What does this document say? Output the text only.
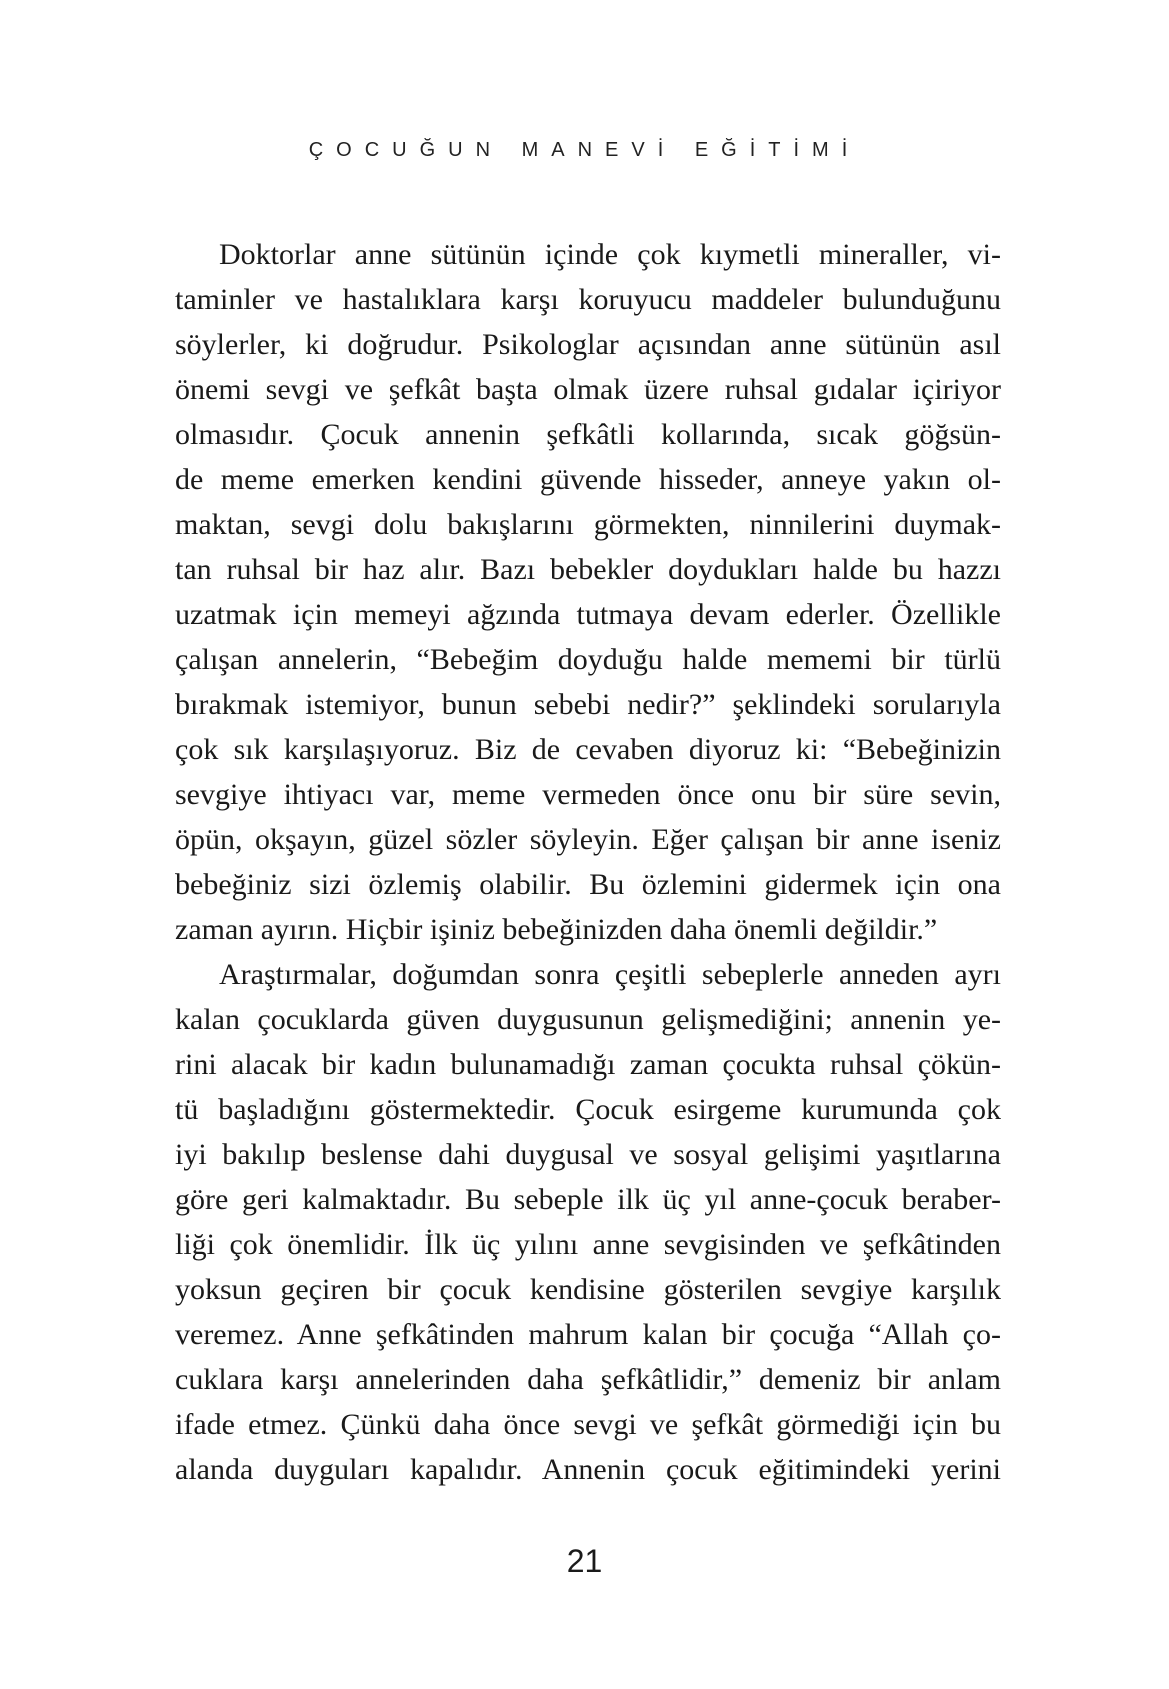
ÇOCUĞUN MANEVİ EĞİTİMİ
Doktorlar anne sütünün içinde çok kıymetli mineraller, vi-
taminler ve hastalıklara karşı koruyucu maddeler bulunduğunu
söylerler, ki doğrudur. Psikologlar açısından anne sütünün asıl
önemi sevgi ve şefkât başta olmak üzere ruhsal gıdalar içiriyor
olmasıdır. Çocuk annenin şefkâtli kollarında, sıcak göğsün-
de meme emerken kendini güvende hisseder, anneye yakın ol-
maktan, sevgi dolu bakışlarını görmekten, ninnilerini duymak-
tan ruhsal bir haz alır. Bazı bebekler doydukları halde bu hazzı
uzatmak için memeyi ağzında tutmaya devam ederler. Özellikle
çalışan annelerin, “Bebeğim doyduğu halde mememi bir türlü
bırakmak istemiyor, bunun sebebi nedir?” şeklindeki sorularıyla
çok sık karşılaşıyoruz. Biz de cevaben diyoruz ki: “Bebeğinizin
sevgiye ihtiyacı var, meme vermeden önce onu bir süre sevin,
öpün, okşayın, güzel sözler söyleyin. Eğer çalışan bir anne iseniz
bebeğiniz sizi özlemiş olabilir. Bu özlemini gidermek için ona
zaman ayırın. Hiçbir işiniz bebeğinizden daha önemli değildir.”
Araştırmalar, doğumdan sonra çeşitli sebeplerle anneden ayrı
kalan çocuklarda güven duygusunun gelişmediğini; annenin ye-
rini alacak bir kadın bulunamadığı zaman çocukta ruhsal çökün-
tü başladığını göstermektedir. Çocuk esirgeme kurumunda çok
iyi bakılıp beslense dahi duygusal ve sosyal gelişimi yaşıtlarına
göre geri kalmaktadır. Bu sebeple ilk üç yıl anne-çocuk beraber-
liği çok önemlidir. İlk üç yılını anne sevgisinden ve şefkâtinden
yoksun geçiren bir çocuk kendisine gösterilen sevgiye karşılık
veremez. Anne şefkâtinden mahrum kalan bir çocuğa “Allah ço-
cuklara karşı annelerinden daha şefkâtlidir,” demeniz bir anlam
ifade etmez. Çünkü daha önce sevgi ve şefkât görmediği için bu
alanda duyguları kapalıdır. Annenin çocuk eğitimindeki yerini
21
